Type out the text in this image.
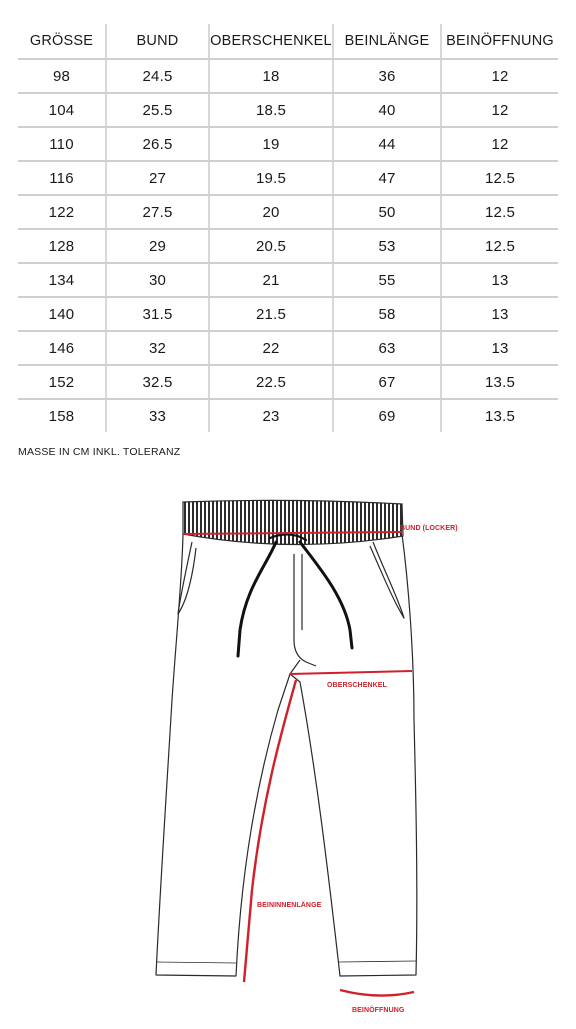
GRÖSSE	BUND	OBERSCHENKEL	BEINLÄNGE	BEINÖFFNUNG
98	24.5	18	36	12
104	25.5	18.5	40	12
110	26.5	19	44	12
116	27	19.5	47	12.5
122	27.5	20	50	12.5
128	29	20.5	53	12.5
134	30	21	55	13
140	31.5	21.5	58	13
146	32	22	63	13
152	32.5	22.5	67	13.5
158	33	23	69	13.5
MASSE IN CM INKL. TOLERANZ
BUND (LOCKER)
OBERSCHENKEL
BEININNENLÄNGE
BEINÖFFNUNG
